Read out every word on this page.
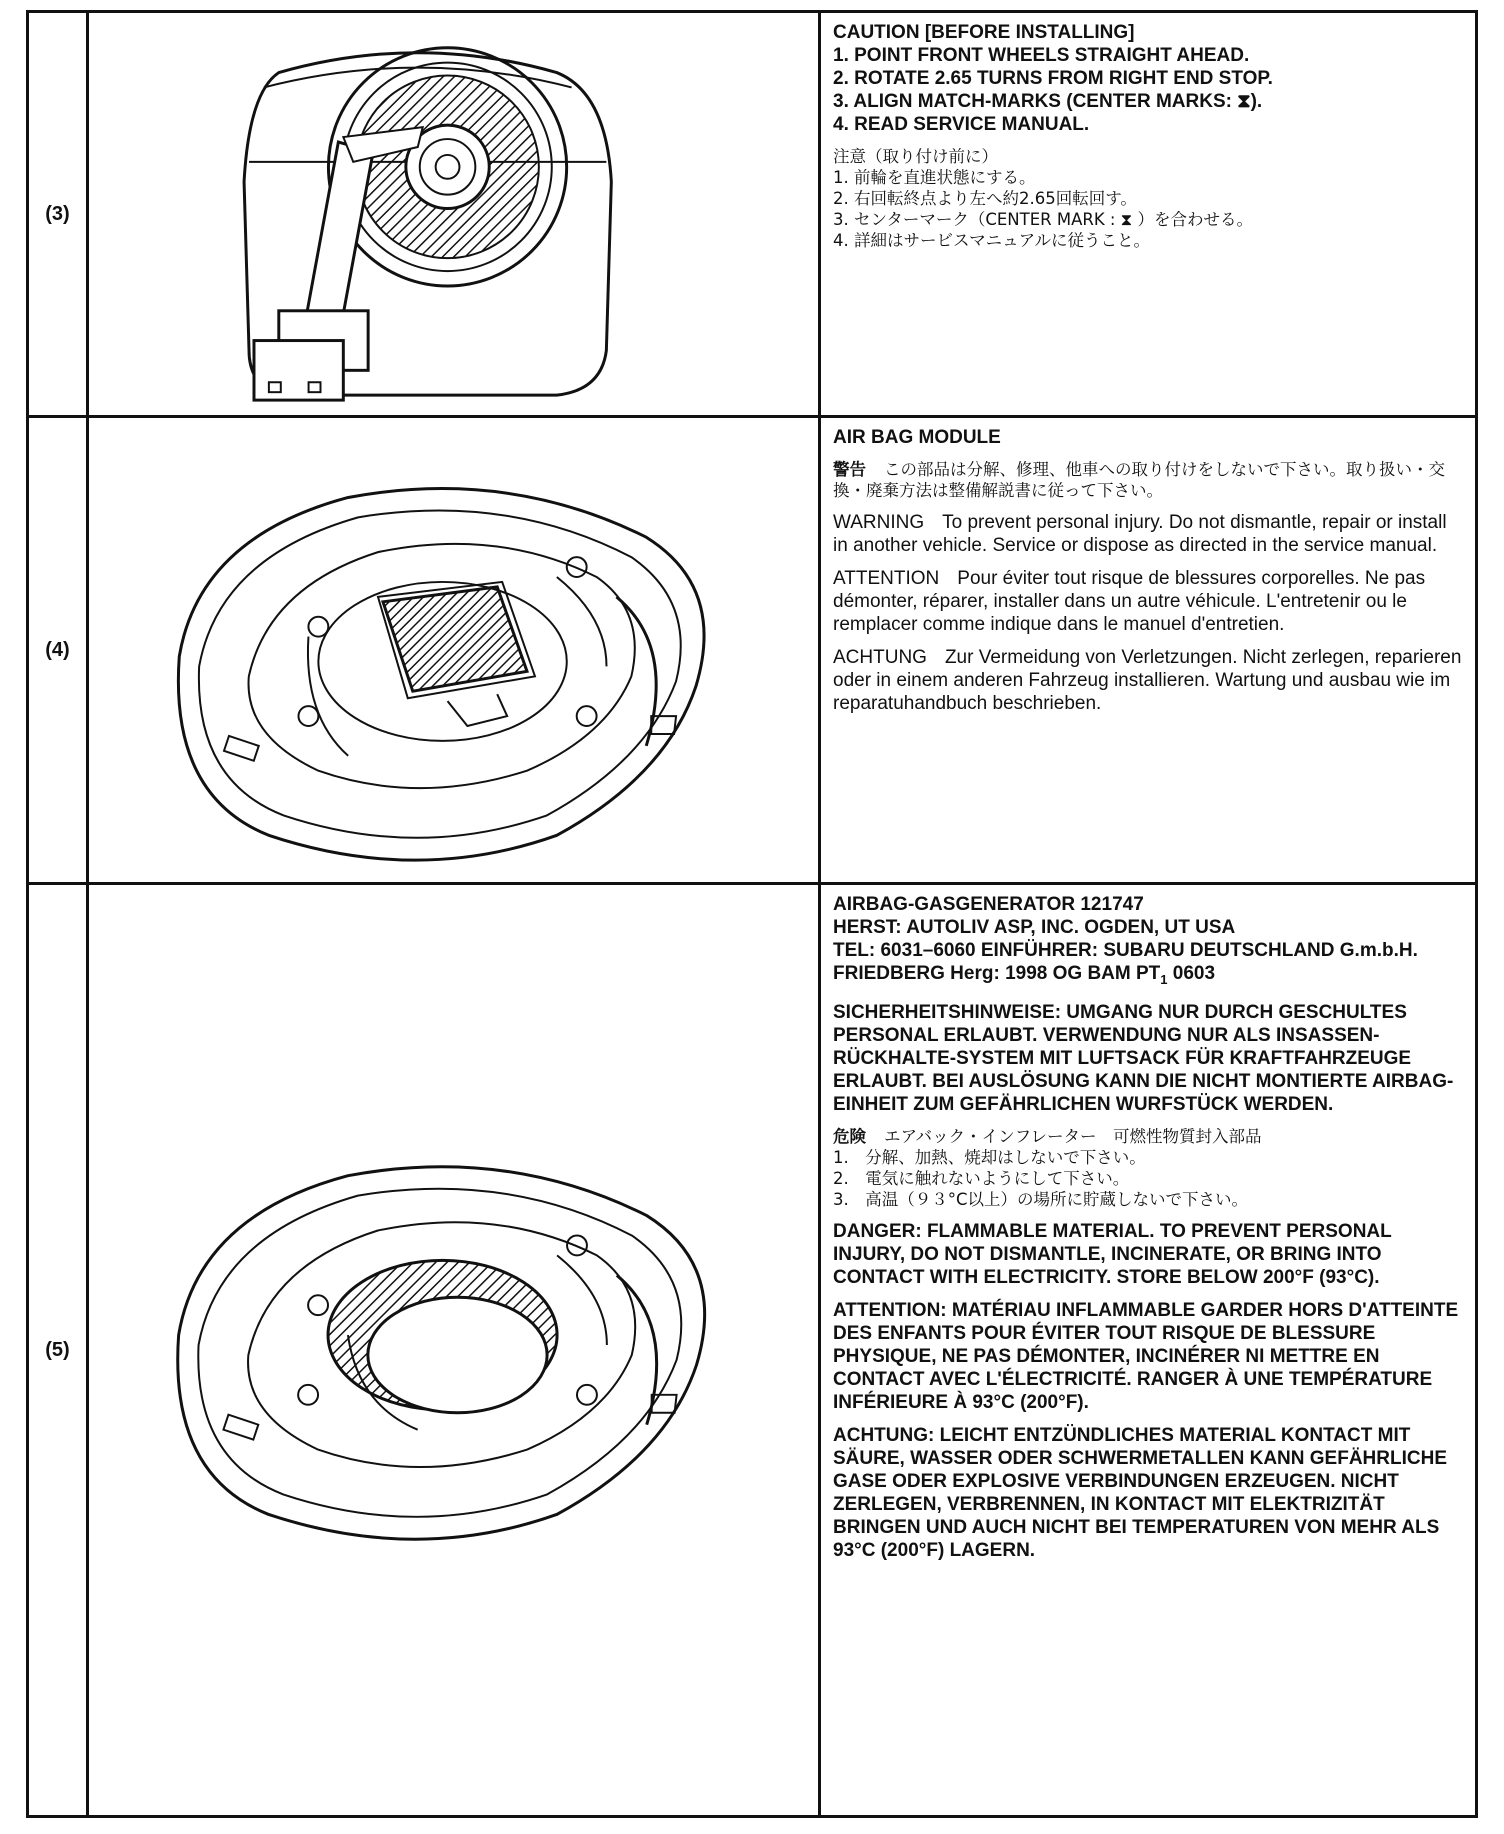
(3)

CAUTION [BEFORE INSTALLING]
1. POINT FRONT WHEELS STRAIGHT AHEAD.
2. ROTATE 2.65 TURNS FROM RIGHT END STOP.
3. ALIGN MATCH-MARKS (CENTER MARKS: ⧗).
4. READ SERVICE MANUAL.

注意（取り付け前に）
1. 前輪を直進状態にする。
2. 右回転終点より左へ約2.65回転回す。
3. センターマーク（CENTER MARK : ⧗ ）を合わせる。
4. 詳細はサービスマニュアルに従うこと。

(4)

AIR BAG MODULE

警告 この部品は分解、修理、他車への取り付けをしないで下さい。取り扱い・交換・廃棄方法は整備解説書に従って下さい。

WARNING To prevent personal injury. Do not dismantle, repair or install in another vehicle. Service or dispose as directed in the service manual.

ATTENTION Pour éviter tout risque de blessures corporelles. Ne pas démonter, réparer, installer dans un autre véhicule. L'entretenir ou le remplacer comme indique dans le manuel d'entretien.

ACHTUNG Zur Vermeidung von Verletzungen. Nicht zerlegen, reparieren oder in einem anderen Fahrzeug installieren. Wartung und ausbau wie im reparatuhandbuch beschrieben.

(5)

AIRBAG-GASGENERATOR 121747
HERST: AUTOLIV ASP, INC. OGDEN, UT USA
TEL: 6031–6060 EINFÜHRER: SUBARU DEUTSCHLAND G.m.b.H.
FRIEDBERG Herg: 1998 OG BAM $PT_1$ 0603

SICHERHEITSHINWEISE: UMGANG NUR DURCH GESCHULTES PERSONAL ERLAUBT. VERWENDUNG NUR ALS INSASSEN-RÜCKHALTE-SYSTEM MIT LUFTSACK FÜR KRAFTFAHRZEUGE ERLAUBT. BEI AUSLÖSUNG KANN DIE NICHT MONTIERTE AIRBAG-EINHEIT ZUM GEFÄHRLICHEN WURFSTÜCK WERDEN.

危険 エアバック・インフレーター　可燃性物質封入部品
1.　分解、加熱、焼却はしないで下さい。
2.　電気に触れないようにして下さい。
3.　高温（９３°C以上）の場所に貯蔵しないで下さい。

DANGER: FLAMMABLE MATERIAL. TO PREVENT PERSONAL INJURY, DO NOT DISMANTLE, INCINERATE, OR BRING INTO CONTACT WITH ELECTRICITY. STORE BELOW 200°F (93°C).

ATTENTION: MATÉRIAU INFLAMMABLE GARDER HORS D'ATTEINTE DES ENFANTS POUR ÉVITER TOUT RISQUE DE BLESSURE PHYSIQUE, NE PAS DÉMONTER, INCINÉRER NI METTRE EN CONTACT AVEC L'ÉLECTRICITÉ. RANGER À UNE TEMPÉRATURE INFÉRIEURE À 93°C (200°F).

ACHTUNG: LEICHT ENTZÜNDLICHES MATERIAL KONTACT MIT SÄURE, WASSER ODER SCHWERMETALLEN KANN GEFÄHRLICHE GASE ODER EXPLOSIVE VERBINDUNGEN ERZEUGEN. NICHT ZERLEGEN, VERBRENNEN, IN KONTACT MIT ELEKTRIZITÄT BRINGEN UND AUCH NICHT BEI TEMPERATUREN VON MEHR ALS 93°C (200°F) LAGERN.
